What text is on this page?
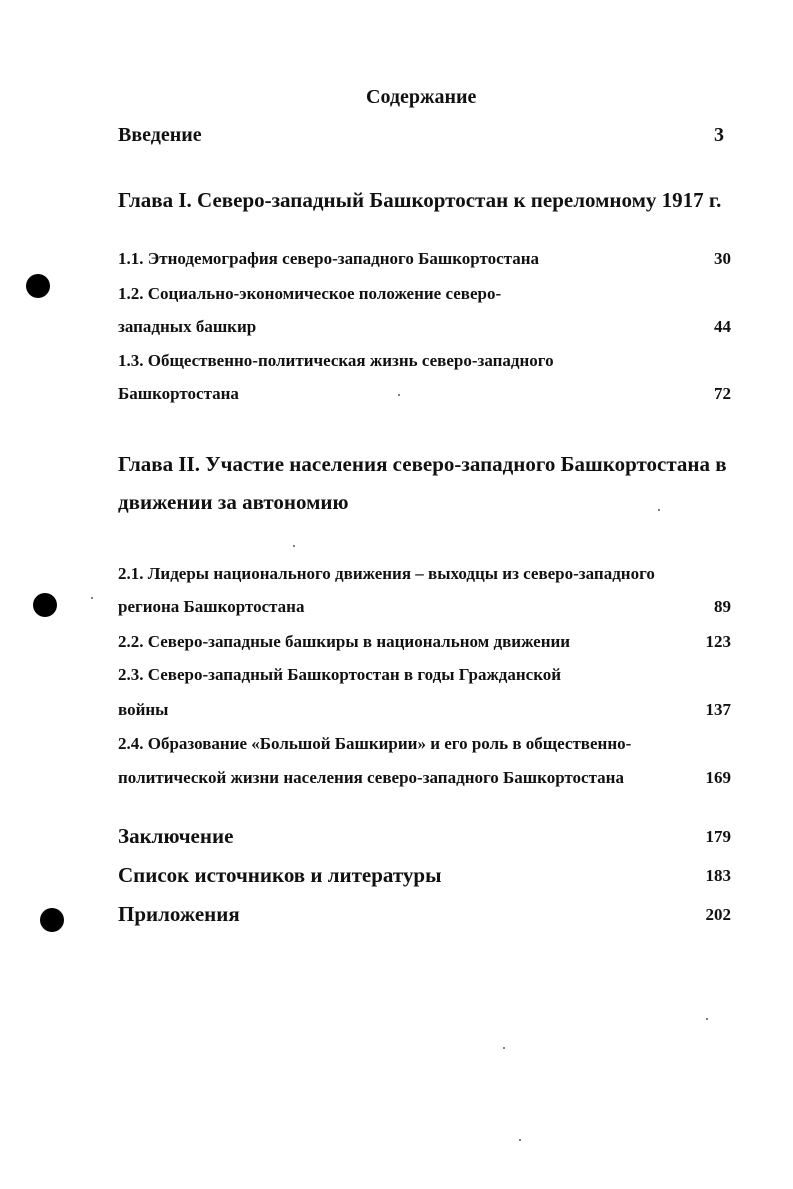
Содержание
Введение	3
Глава I. Северо-западный Башкортостан к переломному 1917 г.
1.1. Этнодемография северо-западного Башкортостана	30
1.2. Социально-экономическое положение северо-
западных башкир	44
1.3. Общественно-политическая жизнь северо-западного
Башкортостана	72
Глава II. Участие населения северо-западного Башкортостана в
движении за автономию
2.1. Лидеры национального движения – выходцы из северо-западного
региона Башкортостана	89
2.2. Северо-западные башкиры в национальном движении	123
2.3. Северо-западный Башкортостан в годы Гражданской
войны	137
2.4. Образование «Большой Башкирии» и его роль в общественно-
политической жизни населения северо-западного Башкортостана	169
Заключение	179
Список источников и литературы	183
Приложения	202
